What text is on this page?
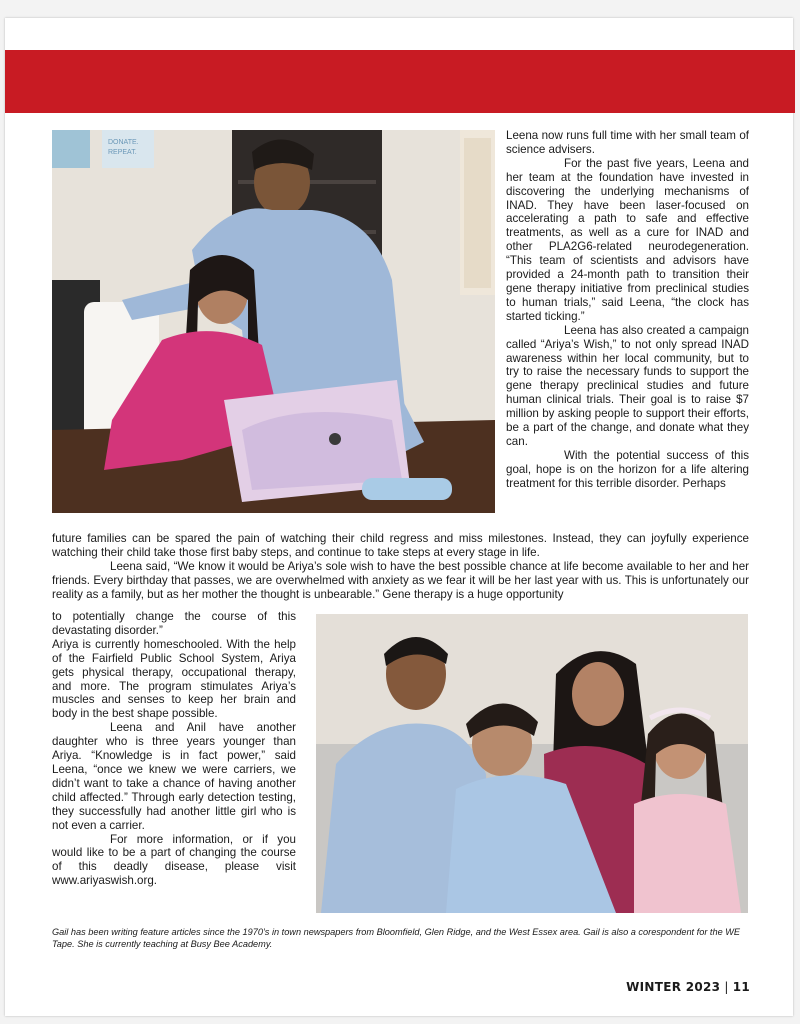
DONATE.
REPEAT.

Leena now runs full time with her small team of science advisers.

For the past five years, Leena and her team at the foundation have invested in discovering the underlying mechanisms of INAD. They have been laser-focused on accelerating a path to safe and effective treatments, as well as a cure for INAD and other PLA2G6-related neurodegeneration. “This team of scientists and advisors have provided a 24-month path to transition their gene therapy initiative from preclinical studies to human trials,” said Leena, “the clock has started ticking.”

Leena has also created a campaign called “Ariya’s Wish,” to not only spread INAD awareness within her local community, but to try to raise the necessary funds to support the gene therapy preclinical studies and future human clinical trials. Their goal is to raise $7 million by asking people to support their efforts, be a part of the change, and donate what they can.

With the potential success of this goal, hope is on the horizon for a life altering treatment for this terrible disorder. Perhaps

future families can be spared the pain of watching their child regress and miss milestones. Instead, they can joyfully experience watching their child take those first baby steps, and continue to take steps at every stage in life.

Leena said, “We know it would be Ariya’s sole wish to have the best possible chance at life become available to her and her friends. Every birthday that passes, we are overwhelmed with anxiety as we fear it will be her last year with us. This is unfortunately our reality as a family, but as her mother the thought is unbearable.” Gene therapy is a huge opportunity

to potentially change the course of this devastating disorder.”

Ariya is currently homeschooled. With the help of the Fairfield Public School System, Ariya gets physical therapy, occupational therapy, and more. The program stimulates Ariya’s muscles and senses to keep her brain and body in the best shape possible.

Leena and Anil have another daughter who is three years younger than Ariya. “Knowledge is in fact power,” said Leena, “once we knew we were carriers, we didn’t want to take a chance of having another child affected.” Through early detection testing, they successfully had another little girl who is not even a carrier.

For more information, or if you would like to be a part of changing the course of this deadly disease, please visit www.ariyaswish.org.

Gail has been writing feature articles since the 1970’s in town newspapers from Bloomfield, Glen Ridge, and the West Essex area. Gail is also a corespondent for the WE Tape. She is currently teaching at Busy Bee Academy.
WINTER 2023 | 11
